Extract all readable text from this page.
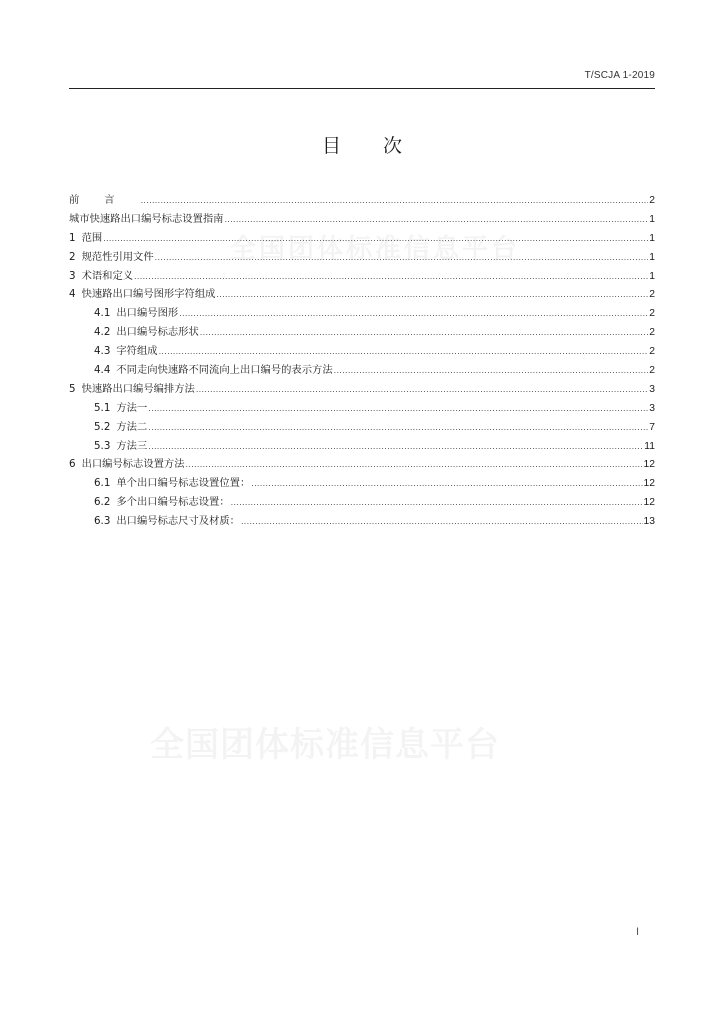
T/SCJA 1-2019
目 次
前言 .....	2
城市快速路出口编号标志设置指南 .....	1
1 范围 .....	1
2 规范性引用文件 .....	1
3 术语和定义 .....	1
4 快速路出口编号图形字符组成 .....	2
4.1 出口编号图形 .....	2
4.2 出口编号标志形状 .....	2
4.3 字符组成 .....	2
4.4 不同走向快速路不同流向上出口编号的表示方法 .....	2
5 快速路出口编号编排方法 .....	3
5.1 方法一 .....	3
5.2 方法二 .....	7
5.3 方法三 .....	11
6 出口编号标志设置方法 .....	12
6.1 单个出口编号标志设置位置： .....	12
6.2 多个出口编号标志设置： .....	12
6.3 出口编号标志尺寸及材质： .....	13
I
